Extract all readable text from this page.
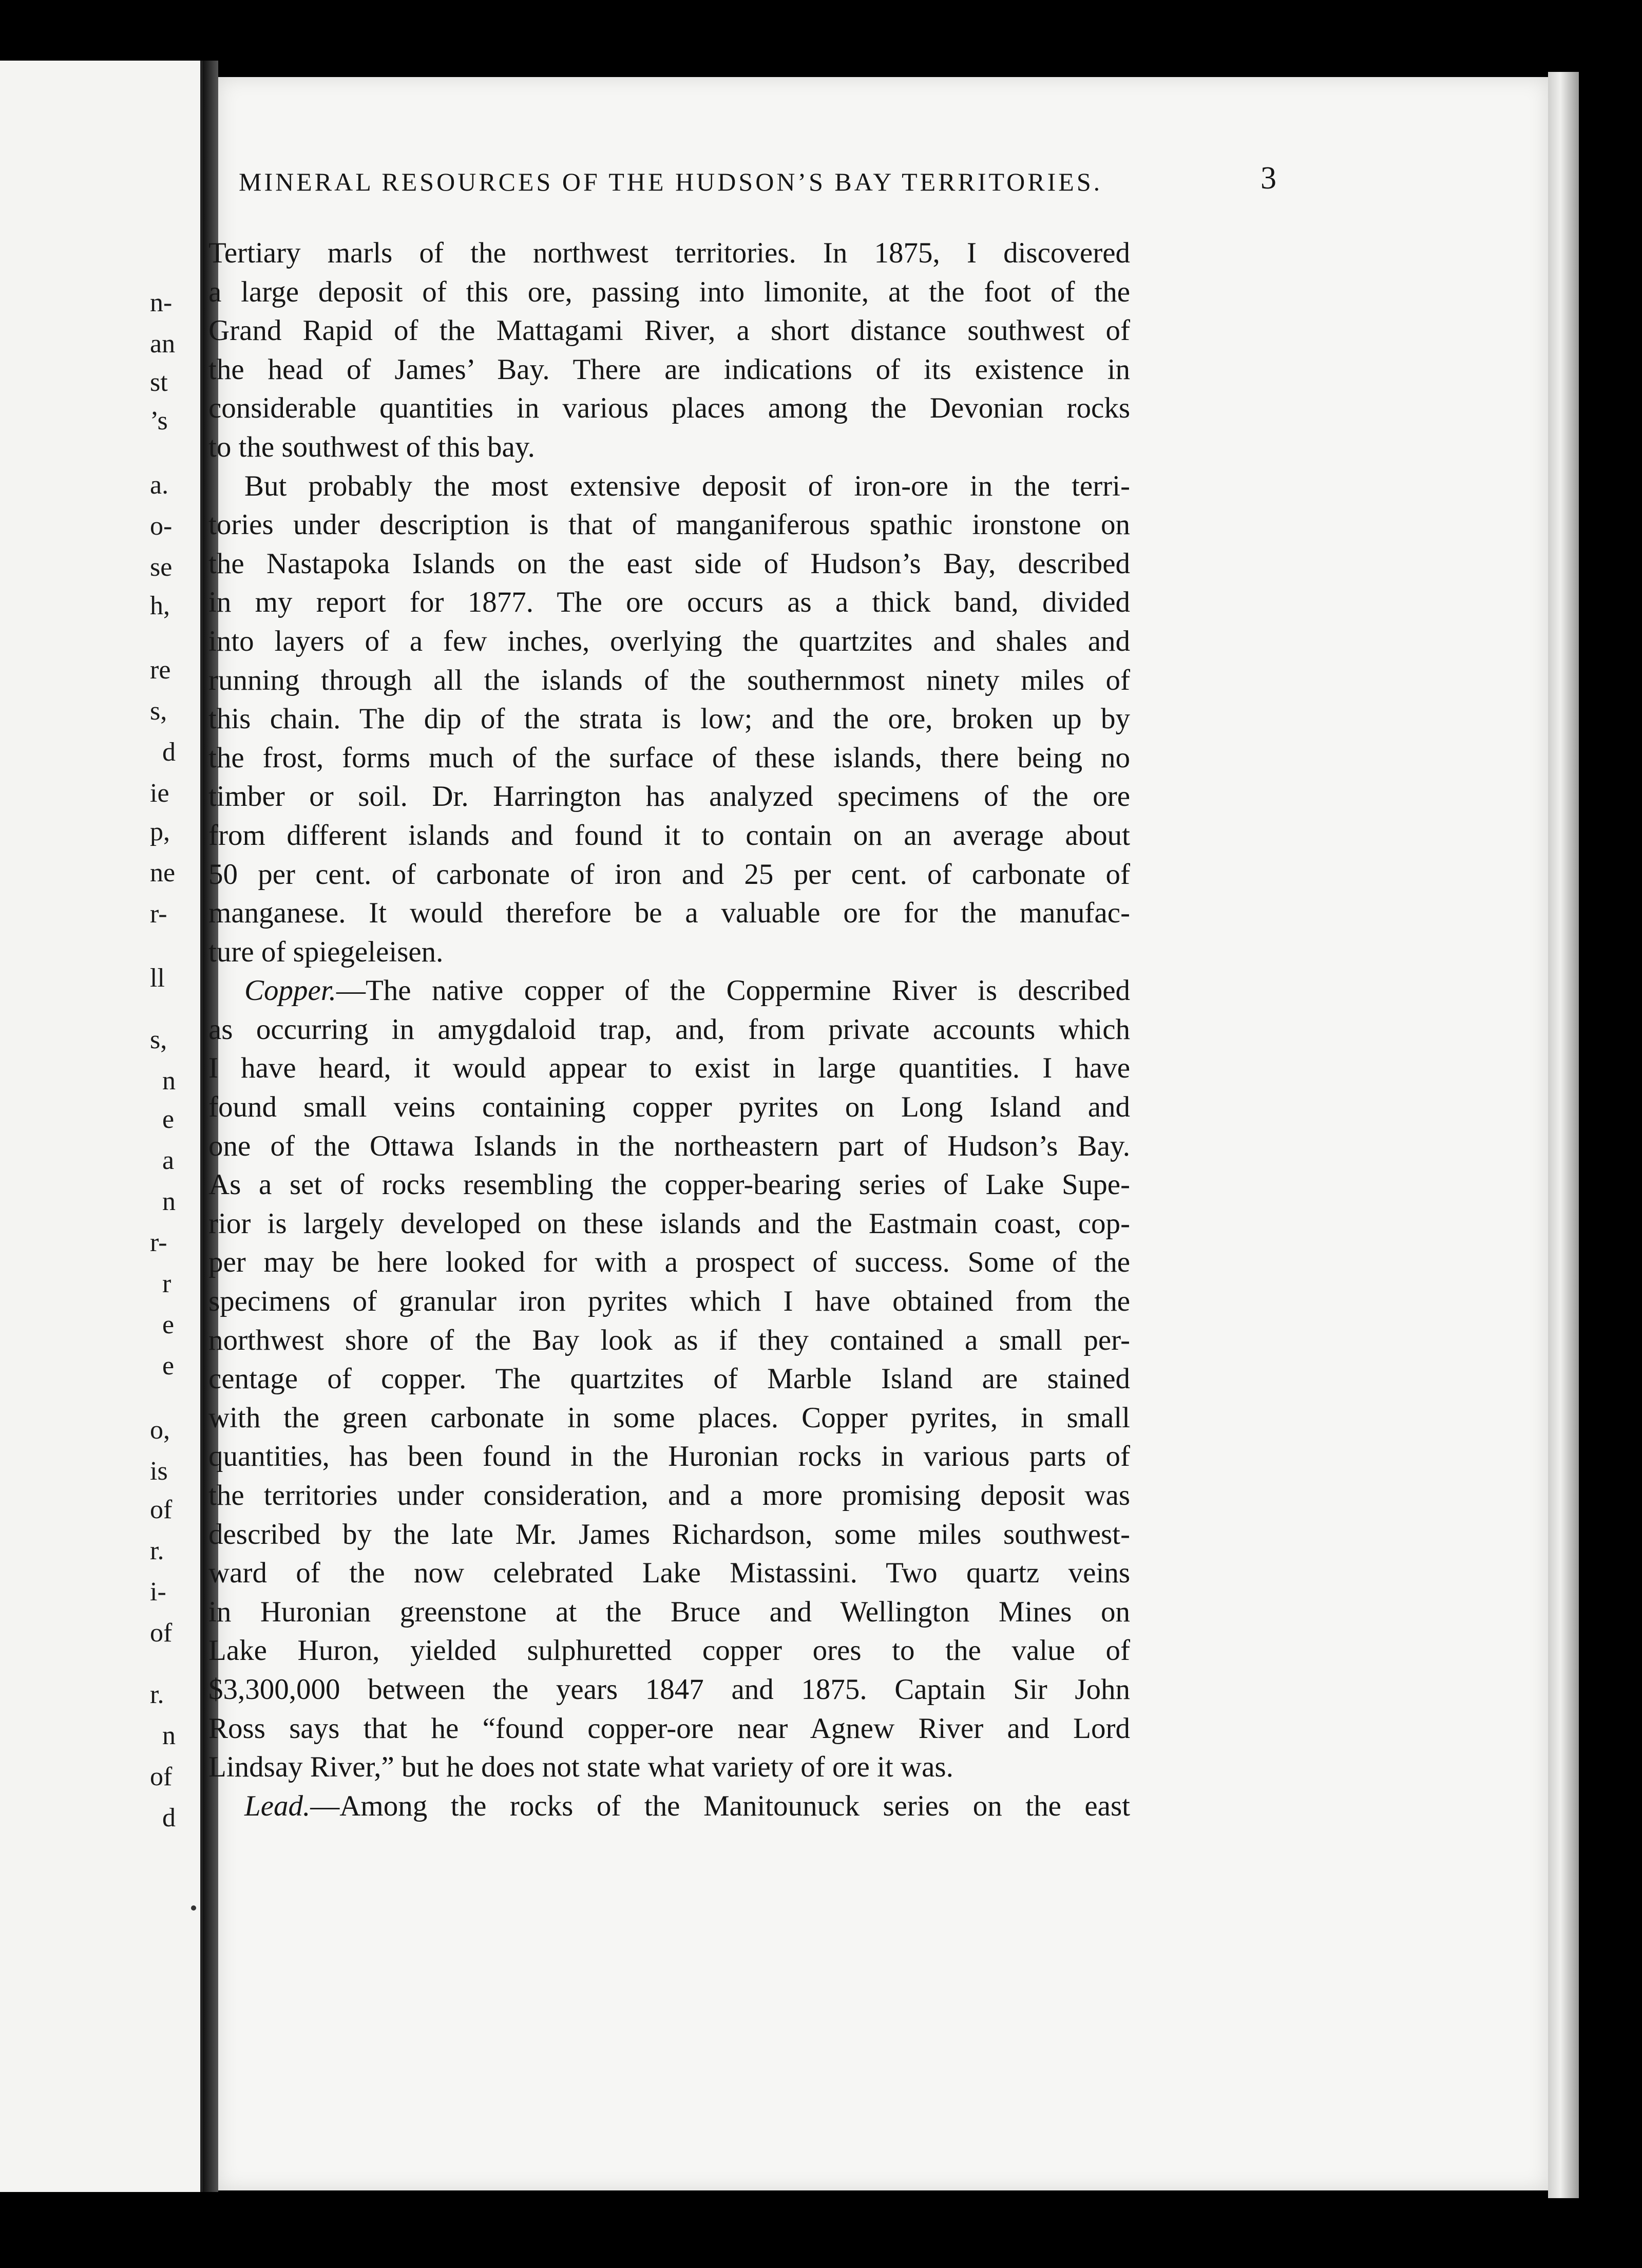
n-
an
st
’s
a.
o-
se
h,
re
s,
d
ie
p,
ne
r-
ll
s,
n
e
a
n
r-
r
e
e
o,
is
of
r.
i-
of
r.
n
of
d
MINERAL RESOURCES OF THE HUDSON’S BAY TERRITORIES.	3
Tertiary marls of the northwest territories. In 1875, I discovered
a large deposit of this ore, passing into limonite, at the foot of the
Grand Rapid of the Mattagami River, a short distance southwest of
the head of James’ Bay. There are indications of its existence in
considerable quantities in various places among the Devonian rocks
to the southwest of this bay.
But probably the most extensive deposit of iron-ore in the terri-
tories under description is that of manganiferous spathic ironstone on
the Nastapoka Islands on the east side of Hudson’s Bay, described
in my report for 1877. The ore occurs as a thick band, divided
into layers of a few inches, overlying the quartzites and shales and
running through all the islands of the southernmost ninety miles of
this chain. The dip of the strata is low; and the ore, broken up by
the frost, forms much of the surface of these islands, there being no
timber or soil. Dr. Harrington has analyzed specimens of the ore
from different islands and found it to contain on an average about
50 per cent. of carbonate of iron and 25 per cent. of carbonate of
manganese. It would therefore be a valuable ore for the manufac-
ture of spiegeleisen.
Copper.—The native copper of the Coppermine River is described
as occurring in amygdaloid trap, and, from private accounts which
I have heard, it would appear to exist in large quantities. I have
found small veins containing copper pyrites on Long Island and
one of the Ottawa Islands in the northeastern part of Hudson’s Bay.
As a set of rocks resembling the copper-bearing series of Lake Supe-
rior is largely developed on these islands and the Eastmain coast, cop-
per may be here looked for with a prospect of success. Some of the
specimens of granular iron pyrites which I have obtained from the
northwest shore of the Bay look as if they contained a small per-
centage of copper. The quartzites of Marble Island are stained
with the green carbonate in some places. Copper pyrites, in small
quantities, has been found in the Huronian rocks in various parts of
the territories under consideration, and a more promising deposit was
described by the late Mr. James Richardson, some miles southwest-
ward of the now celebrated Lake Mistassini. Two quartz veins
in Huronian greenstone at the Bruce and Wellington Mines on
Lake Huron, yielded sulphuretted copper ores to the value of
$3,300,000 between the years 1847 and 1875. Captain Sir John
Ross says that he “found copper-ore near Agnew River and Lord
Lindsay River,” but he does not state what variety of ore it was.
Lead.—Among the rocks of the Manitounuck series on the east
